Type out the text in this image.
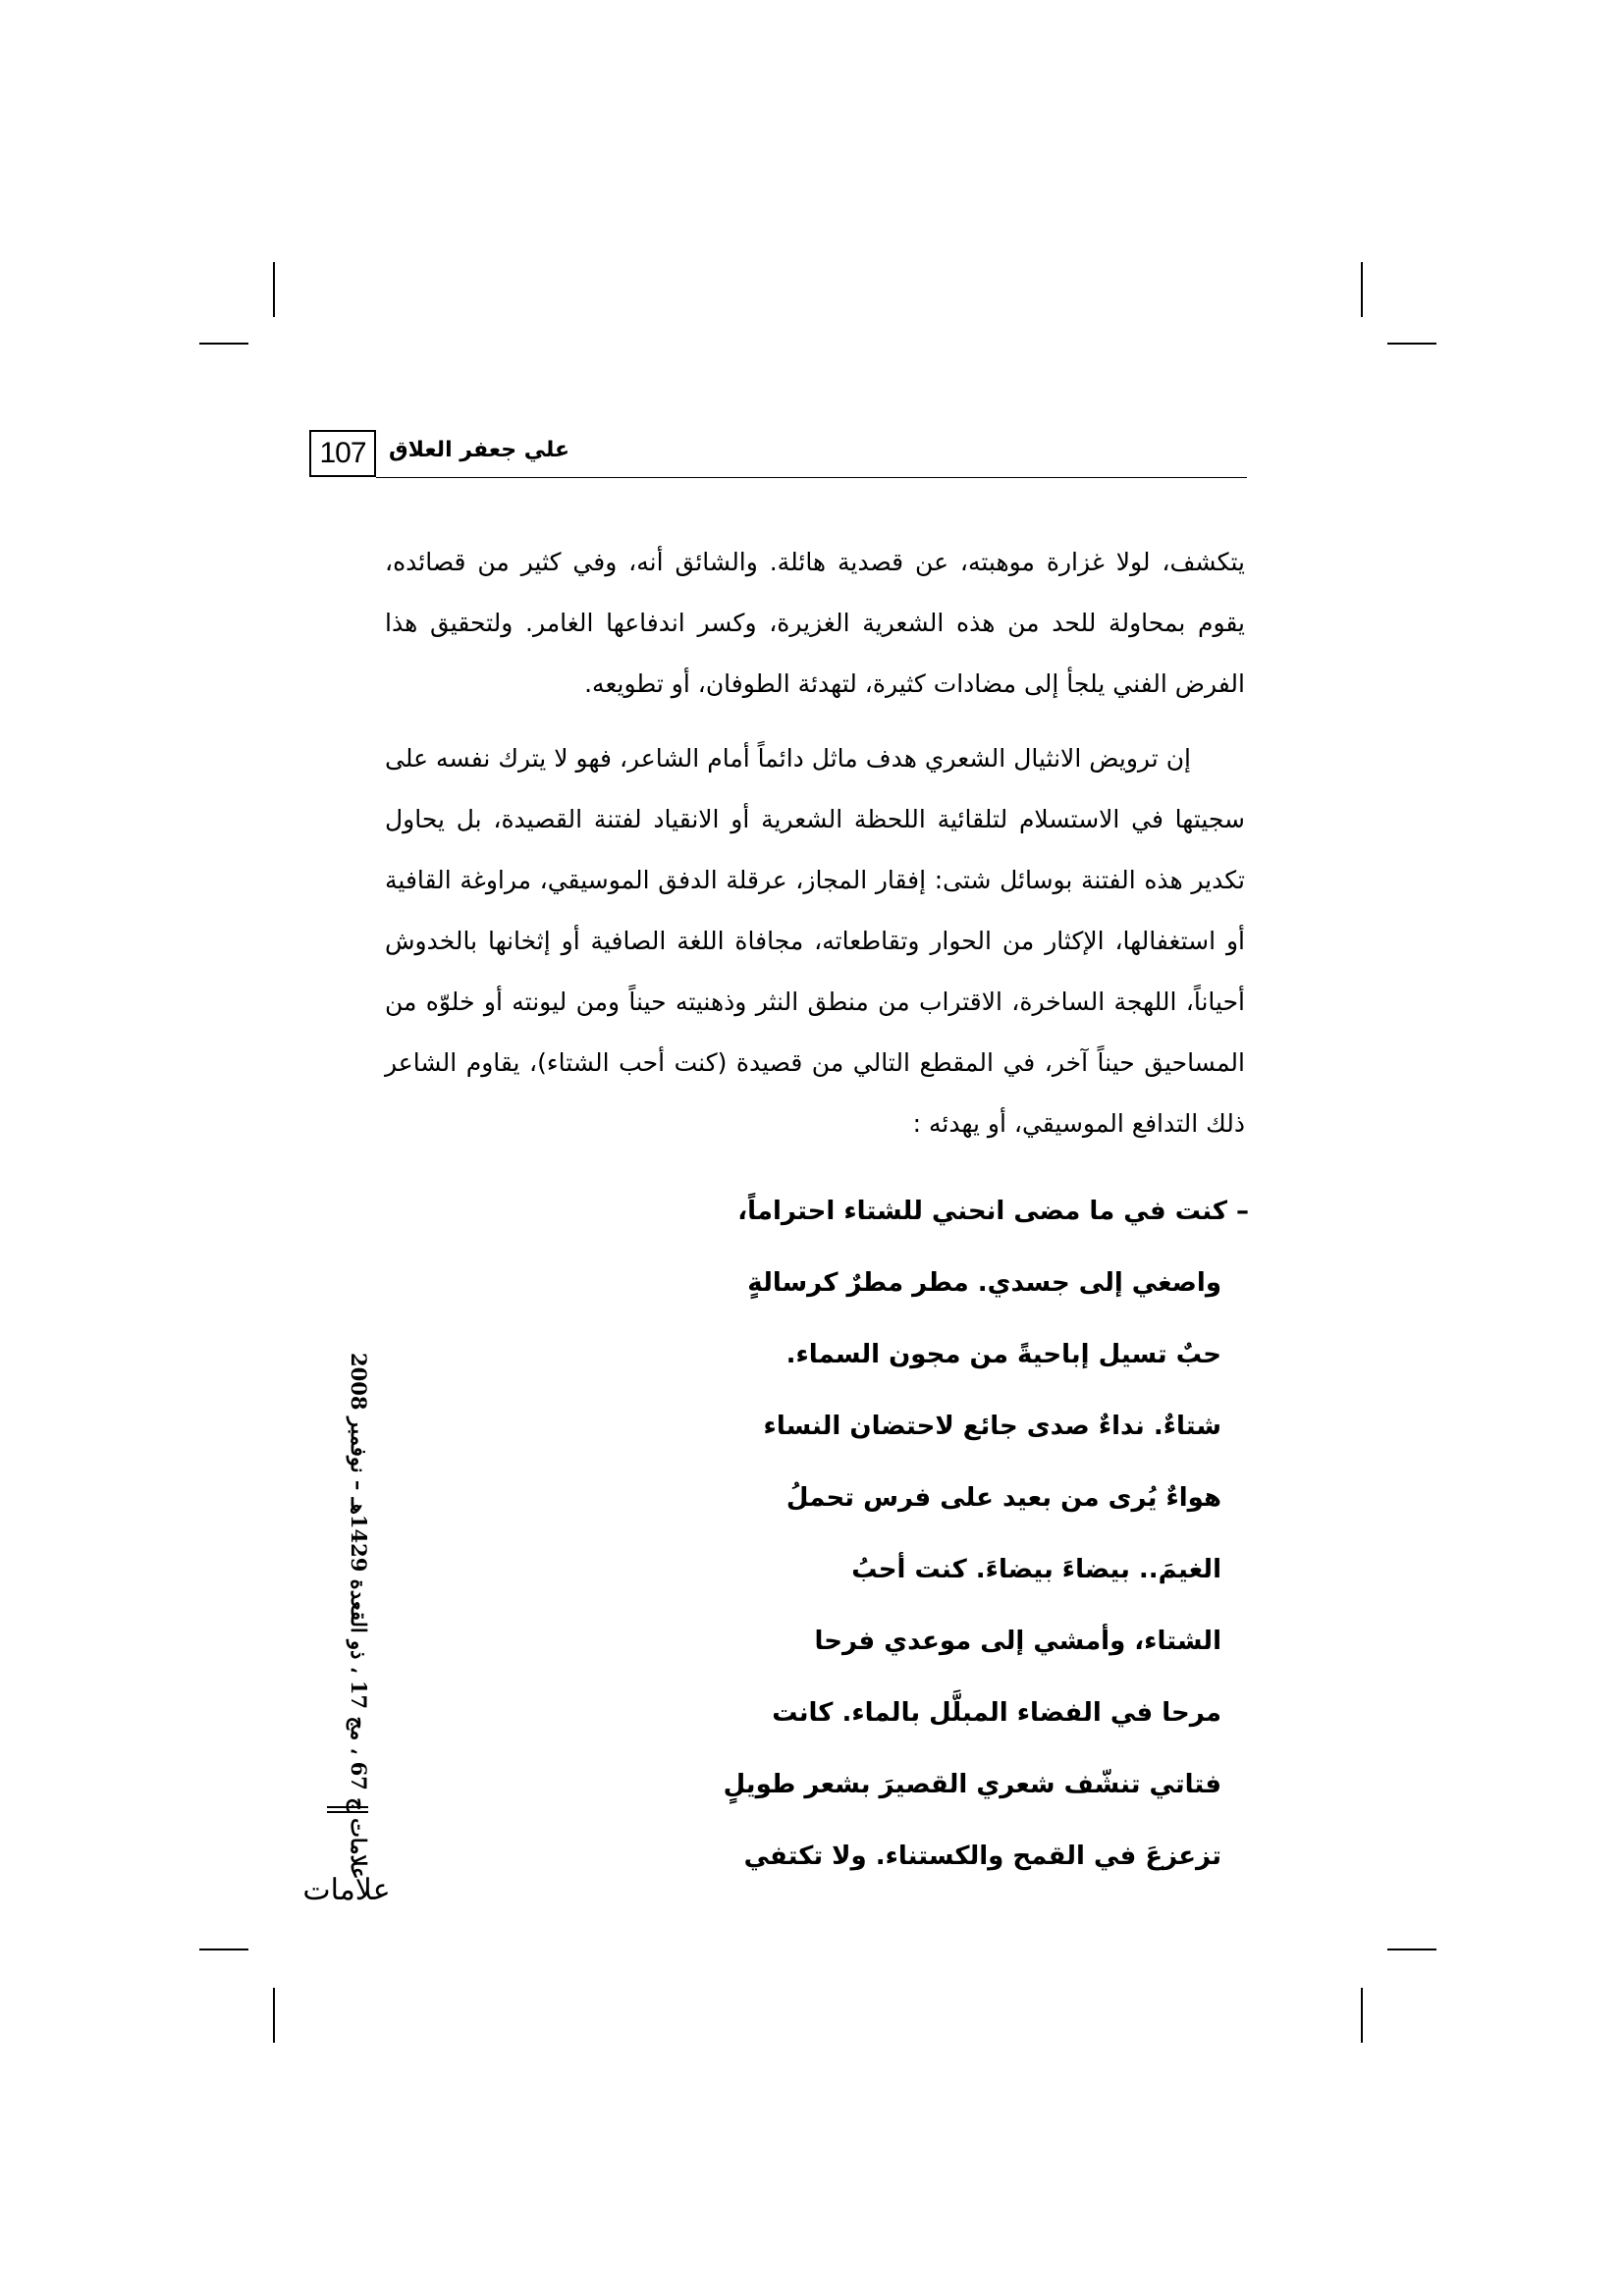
107	علي جعفر العلاق

يتكشف، لولا غزارة موهبته، عن قصدية هائلة. والشائق أنه، وفي كثير من قصائده، يقوم بمحاولة للحد من هذه الشعرية الغزيرة، وكسر اندفاعها الغامر. ولتحقيق هذا الفرض الفني يلجأ إلى مضادات كثيرة، لتهدئة الطوفان، أو تطويعه.

إن ترويض الانثيال الشعري هدف ماثل دائماً أمام الشاعر، فهو لا يترك نفسه على سجيتها في الاستسلام لتلقائية اللحظة الشعرية أو الانقياد لفتنة القصيدة، بل يحاول تكدير هذه الفتنة بوسائل شتى: إفقار المجاز، عرقلة الدفق الموسيقي، مراوغة القافية أو استغفالها، الإكثار من الحوار وتقاطعاته، مجافاة اللغة الصافية أو إثخانها بالخدوش أحياناً، اللهجة الساخرة، الاقتراب من منطق النثر وذهنيته حيناً ومن ليونته أو خلوّه من المساحيق حيناً آخر، في المقطع التالي من قصيدة (كنت أحب الشتاء)، يقاوم الشاعر ذلك التدافع الموسيقي، أو يهدئه :

– كنت في ما مضى انحني للشتاء احتراماً،
واصغي إلى جسدي. مطر مطرٌ كرسالةٍ
حبٌ تسيل إباحيةً من مجون السماء.
شتاءٌ. نداءٌ صدى جائع لاحتضان النساء
هواءٌ يُرى من بعيد على فرس تحملُ
الغيمَ.. بيضاءَ بيضاءَ. كنت أحبُ
الشتاء، وأمشي إلى موعدي فرحا
مرحا في الفضاء المبلَّل بالماء. كانت
فتاتي تنشّف شعري القصيرَ بشعر طويلٍ
تزعزعَ في القمح والكستناء. ولا تكتفي
علامات ج 67 ، مج 17 ، ذو القعدة 1429هـ – نوفمبر 2008
علامات
